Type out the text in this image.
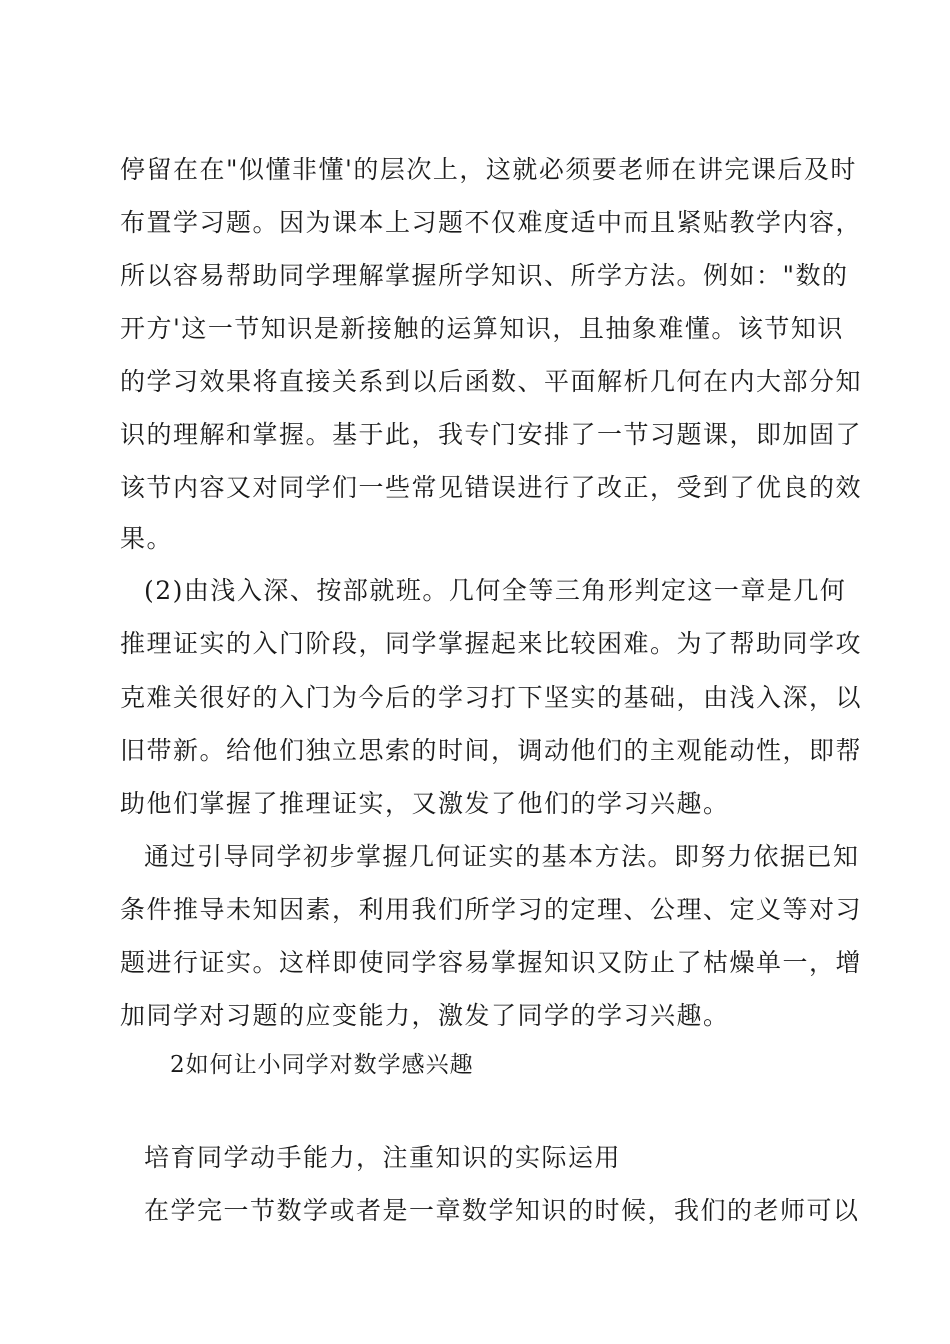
停留在在"似懂非懂'的层次上，这就必须要老师在讲完课后及时
布置学习题。因为课本上习题不仅难度适中而且紧贴教学内容，
所以容易帮助同学理解掌握所学知识、所学方法。例如："数的
开方'这一节知识是新接触的运算知识，且抽象难懂。该节知识
的学习效果将直接关系到以后函数、平面解析几何在内大部分知
识的理解和掌握。基于此，我专门安排了一节习题课，即加固了
该节内容又对同学们一些常见错误进行了改正，受到了优良的效
果。
(2)由浅入深、按部就班。几何全等三角形判定这一章是几何
推理证实的入门阶段，同学掌握起来比较困难。为了帮助同学攻
克难关很好的入门为今后的学习打下坚实的基础，由浅入深，以
旧带新。给他们独立思索的时间，调动他们的主观能动性，即帮
助他们掌握了推理证实，又激发了他们的学习兴趣。
通过引导同学初步掌握几何证实的基本方法。即努力依据已知
条件推导未知因素，利用我们所学习的定理、公理、定义等对习
题进行证实。这样即使同学容易掌握知识又防止了枯燥单一，增
加同学对习题的应变能力，激发了同学的学习兴趣。
2如何让小同学对数学感兴趣
培育同学动手能力，注重知识的实际运用
在学完一节数学或者是一章数学知识的时候，我们的老师可以
